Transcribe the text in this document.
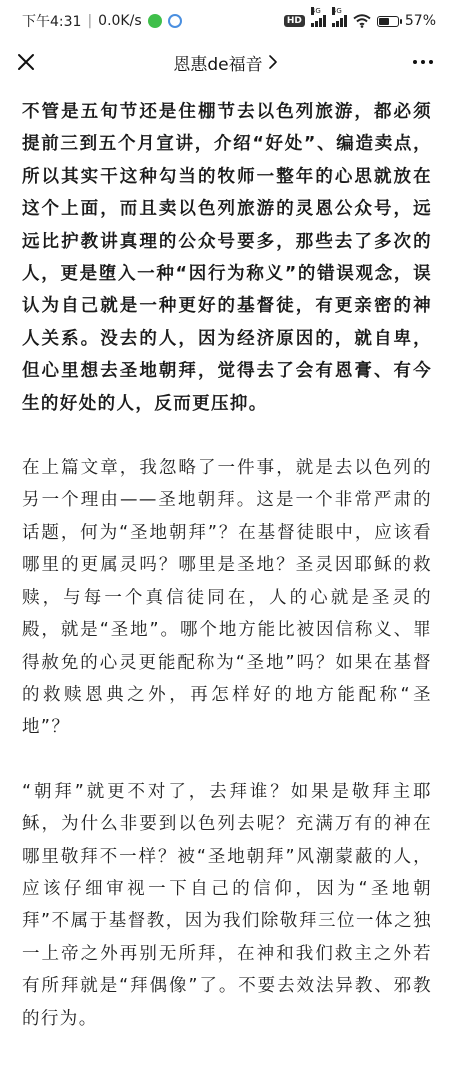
下午4:31 | 0.0K/s	HD
4G 4G
57%
恩惠de福音

不管是五旬节还是住棚节去以色列旅游，都必须提前三到五个月宣讲，介绍“好处”、编造卖点，所以其实干这种勾当的牧师一整年的心思就放在这个上面，而且卖以色列旅游的灵恩公众号，远远比护教讲真理的公众号要多，那些去了多次的人，更是堕入一种“因行为称义”的错误观念，误认为自己就是一种更好的基督徒，有更亲密的神人关系。没去的人，因为经济原因的，就自卑，但心里想去圣地朝拜，觉得去了会有恩膏、有今生的好处的人，反而更压抑。

在上篇文章，我忽略了一件事，就是去以色列的另一个理由——圣地朝拜。这是一个非常严肃的话题，何为“圣地朝拜”？在基督徒眼中，应该看哪里的更属灵吗？哪里是圣地？圣灵因耶稣的救赎，与每一个真信徒同在，人的心就是圣灵的殿，就是“圣地”。哪个地方能比被因信称义、罪得赦免的心灵更能配称为“圣地”吗？如果在基督的救赎恩典之外，再怎样好的地方能配称“圣地”？

“朝拜”就更不对了，去拜谁？如果是敬拜主耶稣，为什么非要到以色列去呢？充满万有的神在哪里敬拜不一样？被“圣地朝拜”风潮蒙蔽的人，应该仔细审视一下自己的信仰，因为“圣地朝拜”不属于基督教，因为我们除敬拜三位一体之独一上帝之外再别无所拜，在神和我们救主之外若有所拜就是“拜偶像”了。不要去效法异教、邪教的行为。
